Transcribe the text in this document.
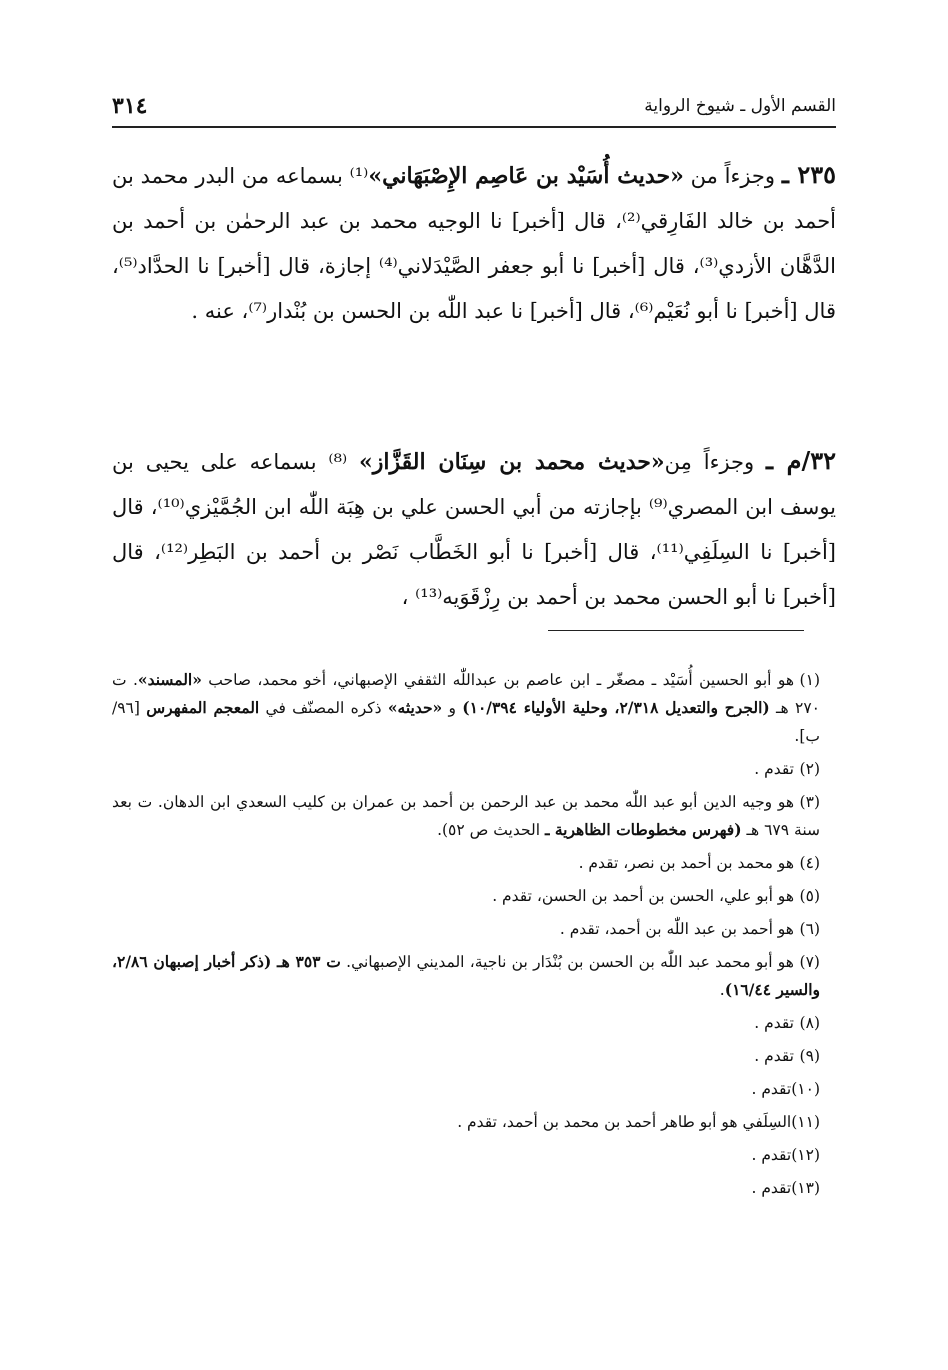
القسم الأول ـ شيوخ الرواية
٣١٤
٢٣٥ ـ وجزءاً من «حديث أُسَيْد بن عَاصِم الإِصْبَهَاني»⁽¹⁾ بسماعه من البدر محمد بن أحمد بن خالد الفَارِقي⁽²⁾، قال [أخبر] نا الوجيه محمد بن عبد الرحمٰن بن أحمد بن الدَّهَّان الأزدي⁽³⁾، قال [أخبر] نا أبو جعفر الصَّيْدَلاني⁽⁴⁾ إجازة، قال [أخبر] نا الحدَّاد⁽⁵⁾، قال [أخبر] نا أبو نُعَيْم⁽⁶⁾، قال [أخبر] نا عبد اللّٰه بن الحسن بن بُنْدار⁽⁷⁾، عنه .
٣٢/م ـ وجزءاً مِن«حديث محمد بن سِنَان القَزَّاز» ⁽⁸⁾ بسماعه على يحيى بن يوسف ابن المصري⁽⁹⁾ بإجازته من أبي الحسن علي بن هِبَة اللّٰه ابن الجُمَّيْزي⁽¹⁰⁾، قال [أخبر] نا السِلَفِي⁽¹¹⁾، قال [أخبر] نا أبو الخَطَّاب نَصْر بن أحمد بن البَطِر⁽¹²⁾، قال [أخبر] نا أبو الحسن محمد بن أحمد بن رِزْقَوَيه⁽¹³⁾ ،
(١)هو أبو الحسين أُسَيْد ـ مصغّر ـ ابن عاصم بن عبداللّٰه الثقفي الإصبهاني، أخو محمد، صاحب «المسند». ت ٢٧٠ هـ (الجرح والتعديل ٢/٣١٨، وحلية الأولياء ١٠/٣٩٤) و «حديثه» ذكره المصنّف في المعجم المفهرس [٩٦/ب].
(٢)تقدم .
(٣)هو وجيه الدين أبو عبد اللّٰه محمد بن عبد الرحمن بن أحمد بن عمران بن كليب السعدي ابن الدهان. ت بعد سنة ٦٧٩ هـ (فهرس مخطوطات الظاهرية ـ الحديث ص ٥٢).
(٤)هو محمد بن أحمد بن نصر، تقدم .
(٥)هو أبو علي، الحسن بن أحمد بن الحسن، تقدم .
(٦)هو أحمد بن عبد اللّٰه بن أحمد، تقدم .
(٧)هو أبو محمد عبد اللّٰه بن الحسن بن بُنْدَار بن ناجية، المديني الإصبهاني. ت ٣٥٣ هـ (ذكر أخبار إصبهان ٢/٨٦، والسير ١٦/٤٤).
(٨)تقدم .
(٩)تقدم .
(١٠)تقدم .
(١١)السِلَفي هو أبو طاهر أحمد بن محمد بن أحمد، تقدم .
(١٢)تقدم .
(١٣)تقدم .
